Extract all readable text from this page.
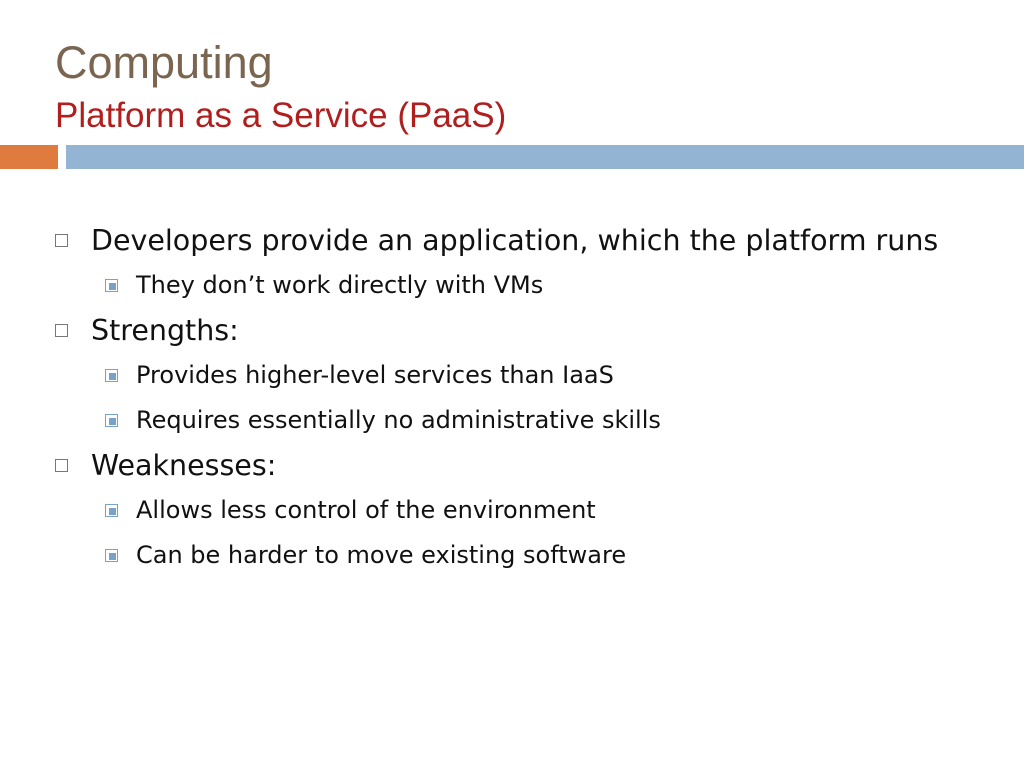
Computing
Platform as a Service (PaaS)
Developers provide an application, which the platform runs
They don’t work directly with VMs
Strengths:
Provides higher-level services than IaaS
Requires essentially no administrative skills
Weaknesses:
Allows less control of the environment
Can be harder to move existing software
